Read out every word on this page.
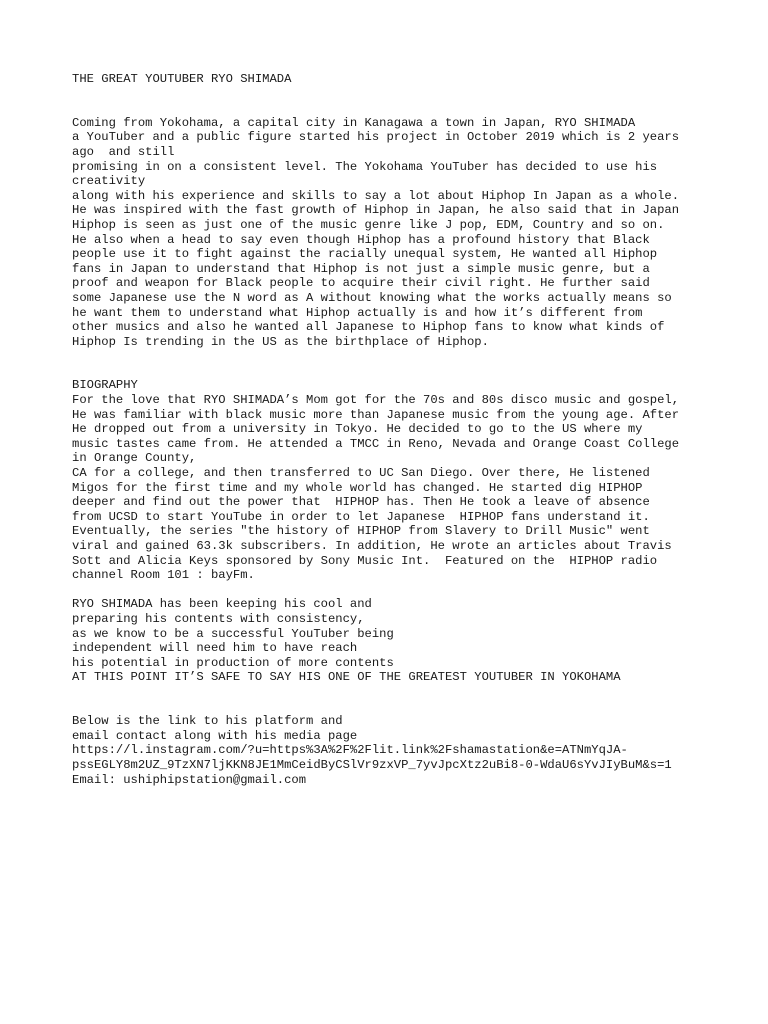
THE GREAT YOUTUBER RYO SHIMADA
Coming from Yokohama, a capital city in Kanagawa a town in Japan, RYO SHIMADA
a YouTuber and a public figure started his project in October 2019 which is 2 years
ago  and still
promising in on a consistent level. The Yokohama YouTuber has decided to use his
creativity
along with his experience and skills to say a lot about Hiphop In Japan as a whole.
He was inspired with the fast growth of Hiphop in Japan, he also said that in Japan
Hiphop is seen as just one of the music genre like J pop, EDM, Country and so on.
He also when a head to say even though Hiphop has a profound history that Black
people use it to fight against the racially unequal system, He wanted all Hiphop
fans in Japan to understand that Hiphop is not just a simple music genre, but a
proof and weapon for Black people to acquire their civil right. He further said
some Japanese use the N word as A without knowing what the works actually means so
he want them to understand what Hiphop actually is and how it’s different from
other musics and also he wanted all Japanese to Hiphop fans to know what kinds of
Hiphop Is trending in the US as the birthplace of Hiphop.
BIOGRAPHY
For the love that RYO SHIMADA’s Mom got for the 70s and 80s disco music and gospel,
He was familiar with black music more than Japanese music from the young age. After
He dropped out from a university in Tokyo. He decided to go to the US where my
music tastes came from. He attended a TMCC in Reno, Nevada and Orange Coast College
in Orange County,
CA for a college, and then transferred to UC San Diego. Over there, He listened
Migos for the first time and my whole world has changed. He started dig HIPHOP
deeper and find out the power that  HIPHOP has. Then He took a leave of absence
from UCSD to start YouTube in order to let Japanese  HIPHOP fans understand it.
Eventually, the series "the history of HIPHOP from Slavery to Drill Music" went
viral and gained 63.3k subscribers. In addition, He wrote an articles about Travis
Sott and Alicia Keys sponsored by Sony Music Int.  Featured on the  HIPHOP radio
channel Room 101 : bayFm.
RYO SHIMADA has been keeping his cool and
preparing his contents with consistency,
as we know to be a successful YouTuber being
independent will need him to have reach
his potential in production of more contents
AT THIS POINT IT’S SAFE TO SAY HIS ONE OF THE GREATEST YOUTUBER IN YOKOHAMA
Below is the link to his platform and
email contact along with his media page
https://l.instagram.com/?u=https%3A%2F%2Flit.link%2Fshamastation&e=ATNmYqJA-
pssEGLY8m2UZ_9TzXN7ljKKN8JE1MmCeidByCSlVr9zxVP_7yvJpcXtz2uBi8-0-WdaU6sYvJIyBuM&s=1
Email: ushiphipstation@gmail.com
